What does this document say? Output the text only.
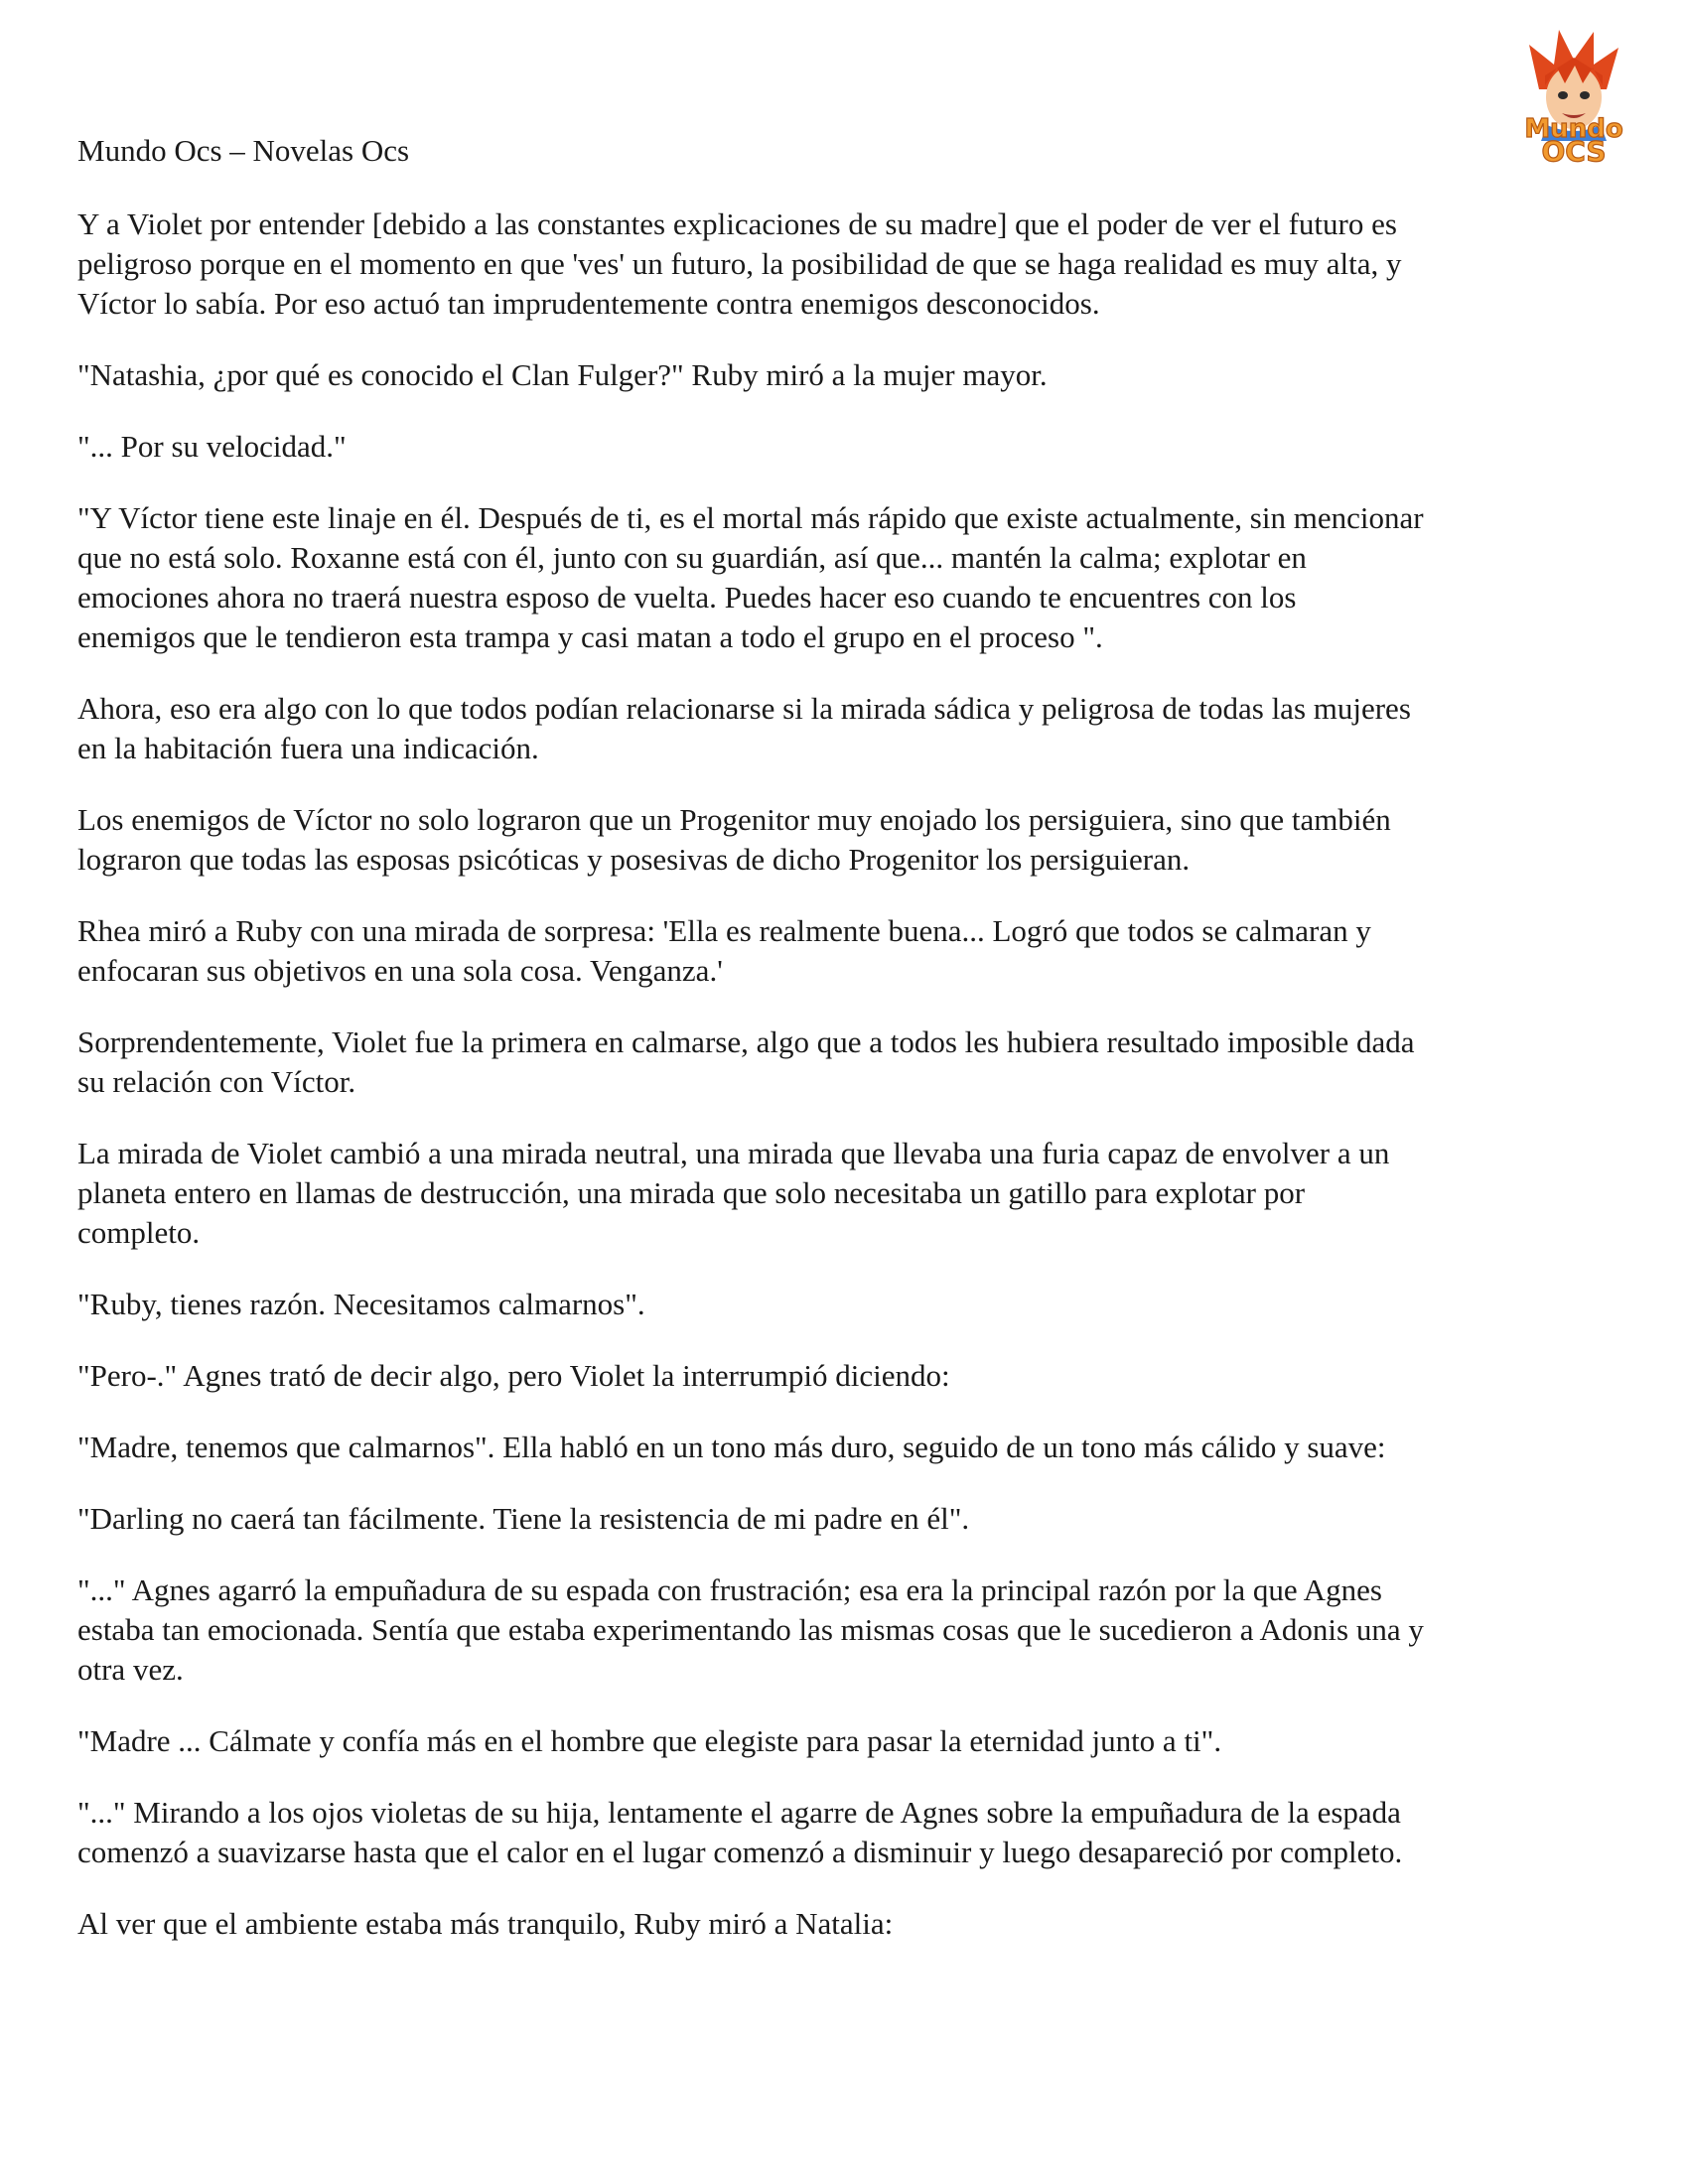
Mundo Ocs – Novelas Ocs
Mundo
OCS

Y a Violet por entender [debido a las constantes explicaciones de su madre] que el poder de ver el futuro es
peligroso porque en el momento en que 'ves' un futuro, la posibilidad de que se haga realidad es muy alta, y
Víctor lo sabía. Por eso actuó tan imprudentemente contra enemigos desconocidos.

"Natashia, ¿por qué es conocido el Clan Fulger?" Ruby miró a la mujer mayor.

"... Por su velocidad."

"Y Víctor tiene este linaje en él. Después de ti, es el mortal más rápido que existe actualmente, sin mencionar
que no está solo. Roxanne está con él, junto con su guardián, así que... mantén la calma; explotar en
emociones ahora no traerá nuestra esposo de vuelta. Puedes hacer eso cuando te encuentres con los
enemigos que le tendieron esta trampa y casi matan a todo el grupo en el proceso ".

Ahora, eso era algo con lo que todos podían relacionarse si la mirada sádica y peligrosa de todas las mujeres
en la habitación fuera una indicación.

Los enemigos de Víctor no solo lograron que un Progenitor muy enojado los persiguiera, sino que también
lograron que todas las esposas psicóticas y posesivas de dicho Progenitor los persiguieran.

Rhea miró a Ruby con una mirada de sorpresa: 'Ella es realmente buena... Logró que todos se calmaran y
enfocaran sus objetivos en una sola cosa. Venganza.'

Sorprendentemente, Violet fue la primera en calmarse, algo que a todos les hubiera resultado imposible dada
su relación con Víctor.

La mirada de Violet cambió a una mirada neutral, una mirada que llevaba una furia capaz de envolver a un
planeta entero en llamas de destrucción, una mirada que solo necesitaba un gatillo para explotar por
completo.

"Ruby, tienes razón. Necesitamos calmarnos".

"Pero-." Agnes trató de decir algo, pero Violet la interrumpió diciendo:

"Madre, tenemos que calmarnos". Ella habló en un tono más duro, seguido de un tono más cálido y suave:

"Darling no caerá tan fácilmente. Tiene la resistencia de mi padre en él".

"..." Agnes agarró la empuñadura de su espada con frustración; esa era la principal razón por la que Agnes
estaba tan emocionada. Sentía que estaba experimentando las mismas cosas que le sucedieron a Adonis una y
otra vez.

"Madre ... Cálmate y confía más en el hombre que elegiste para pasar la eternidad junto a ti".

"..." Mirando a los ojos violetas de su hija, lentamente el agarre de Agnes sobre la empuñadura de la espada
comenzó a suavizarse hasta que el calor en el lugar comenzó a disminuir y luego desapareció por completo.

Al ver que el ambiente estaba más tranquilo, Ruby miró a Natalia:
